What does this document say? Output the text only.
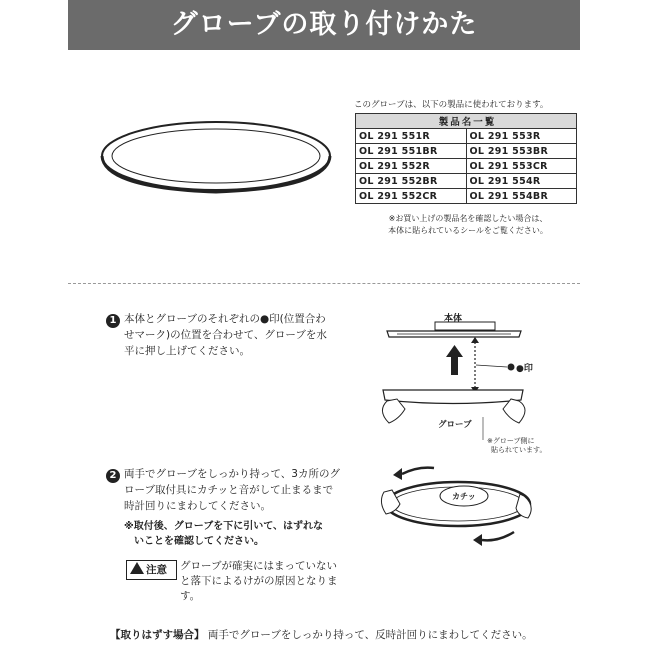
グローブの取り付けかた
このグローブは、以下の製品に使われております。
製品名一覧	
OL 291 551R	OL 291 553R
OL 291 551BR	OL 291 553BR
OL 291 552R	OL 291 553CR
OL 291 552BR	OL 291 554R
OL 291 552CR	OL 291 554BR
※お買い上げの製品名を確認したい場合は、
本体に貼られているシールをご覧ください。
1 本体とグローブのそれぞれの●印(位置合わ
せマーク)の位置を合わせて、グローブを水
平に押し上げてください。
本体
●印
グローブ
※グローブ側に
貼られています。
2 両手でグローブをしっかり持って、3カ所のグ
ローブ取付具にカチッと音がして止まるまで
時計回りにまわしてください。
※取付後、グローブを下に引いて、はずれな
いことを確認してください。
カチッ
注意	グローブが確実にはまっていない
と落下によるけがの原因となりま
す。
【取りはずす場合】 両手でグローブをしっかり持って、反時計回りにまわしてください。
